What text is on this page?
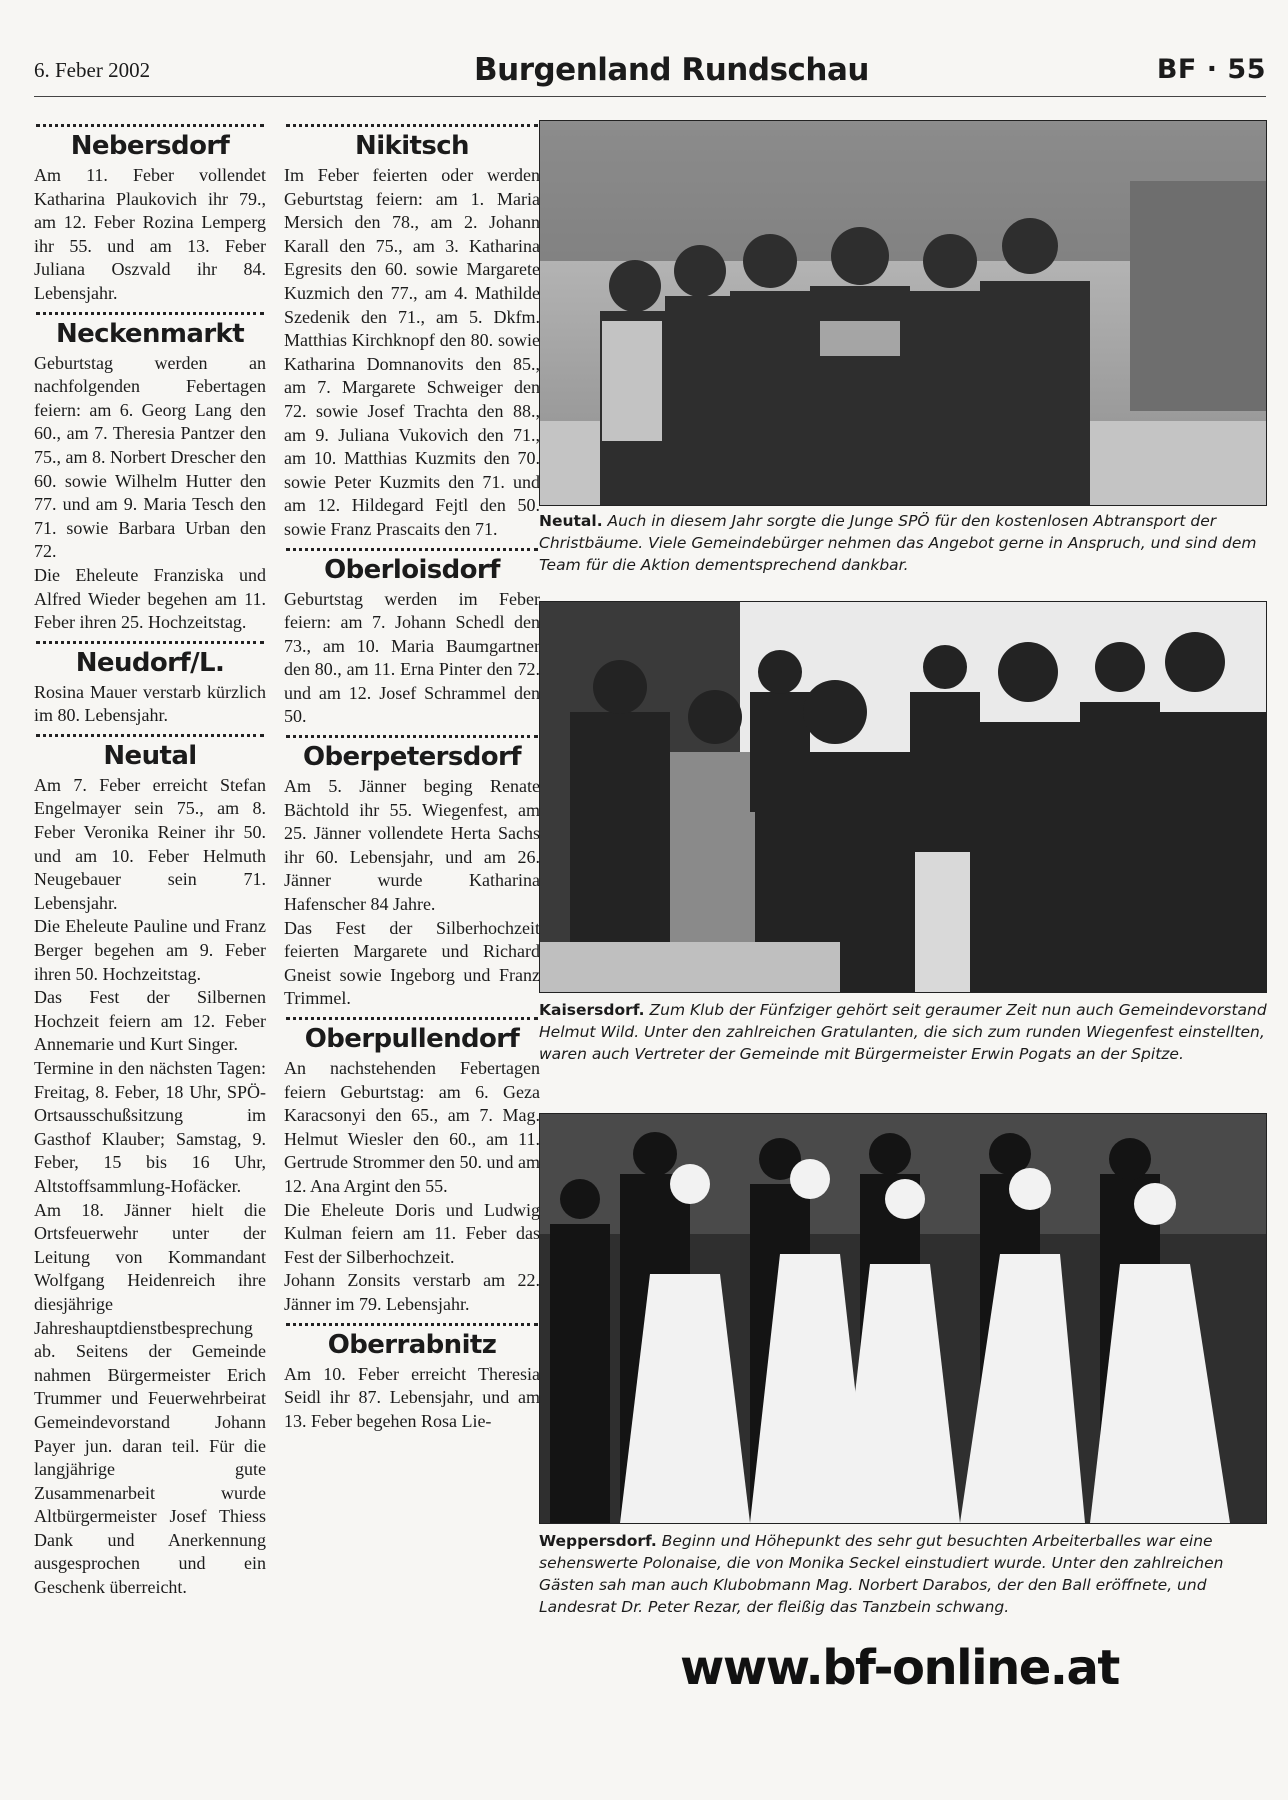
6. Feber 2002	Burgenland Rundschau	BF · 55
Nebersdorf
Am 11. Feber vollendet Katharina Plaukovich ihr 79., am 12. Feber Rozina Lemperg ihr 55. und am 13. Feber Juliana Oszvald ihr 84. Lebensjahr.
Neckenmarkt
Geburtstag werden an nachfolgenden Febertagen feiern: am 6. Georg Lang den 60., am 7. Theresia Pantzer den 75., am 8. Norbert Drescher den 60. sowie Wilhelm Hutter den 77. und am 9. Maria Tesch den 71. sowie Barbara Urban den 72.
Die Eheleute Franziska und Alfred Wieder begehen am 11. Feber ihren 25. Hochzeitstag.
Neudorf/L.
Rosina Mauer verstarb kürzlich im 80. Lebensjahr.
Neutal
Am 7. Feber erreicht Stefan Engelmayer sein 75., am 8. Feber Veronika Reiner ihr 50. und am 10. Feber Helmuth Neugebauer sein 71. Lebensjahr.
Die Eheleute Pauline und Franz Berger begehen am 9. Feber ihren 50. Hochzeitstag.
Das Fest der Silbernen Hochzeit feiern am 12. Feber Annemarie und Kurt Singer.
Termine in den nächsten Tagen: Freitag, 8. Feber, 18 Uhr, SPÖ-Ortsausschußsitzung im Gasthof Klauber; Samstag, 9. Feber, 15 bis 16 Uhr, Altstoffsammlung-Hofäcker.
Am 18. Jänner hielt die Ortsfeuerwehr unter der Leitung von Kommandant Wolfgang Heidenreich ihre diesjährige Jahreshauptdienstbesprechung ab. Seitens der Gemeinde nahmen Bürgermeister Erich Trummer und Feuerwehrbeirat Gemeindevorstand Johann Payer jun. daran teil. Für die langjährige gute Zusammenarbeit wurde Altbürgermeister Josef Thiess Dank und Anerkennung ausgesprochen und ein Geschenk überreicht.
Nikitsch
Im Feber feierten oder werden Geburtstag feiern: am 1. Maria Mersich den 78., am 2. Johann Karall den 75., am 3. Katharina Egresits den 60. sowie Margarete Kuzmich den 77., am 4. Mathilde Szedenik den 71., am 5. Dkfm. Matthias Kirchknopf den 80. sowie Katharina Domnanovits den 85., am 7. Margarete Schweiger den 72. sowie Josef Trachta den 88., am 9. Juliana Vukovich den 71., am 10. Matthias Kuzmits den 70. sowie Peter Kuzmits den 71. und am 12. Hildegard Fejtl den 50. sowie Franz Prascaits den 71.
Oberloisdorf
Geburtstag werden im Feber feiern: am 7. Johann Schedl den 73., am 10. Maria Baumgartner den 80., am 11. Erna Pinter den 72. und am 12. Josef Schrammel den 50.
Oberpetersdorf
Am 5. Jänner beging Renate Bächtold ihr 55. Wiegenfest, am 25. Jänner vollendete Herta Sachs ihr 60. Lebensjahr, und am 26. Jänner wurde Katharina Hafenscher 84 Jahre.
Das Fest der Silberhochzeit feierten Margarete und Richard Gneist sowie Ingeborg und Franz Trimmel.
Oberpullendorf
An nachstehenden Febertagen feiern Geburtstag: am 6. Geza Karacsonyi den 65., am 7. Mag. Helmut Wiesler den 60., am 11. Gertrude Strommer den 50. und am 12. Ana Argint den 55.
Die Eheleute Doris und Ludwig Kulman feiern am 11. Feber das Fest der Silberhochzeit.
Johann Zonsits verstarb am 22. Jänner im 79. Lebensjahr.
Oberrabnitz
Am 10. Feber erreicht Theresia Seidl ihr 87. Lebensjahr, und am 13. Feber begehen Rosa Lie-
Neutal. Auch in diesem Jahr sorgte die Junge SPÖ für den kostenlosen Abtransport der Christbäume. Viele Gemeindebürger nehmen das Angebot gerne in Anspruch, und sind dem Team für die Aktion dementsprechend dankbar.
Kaisersdorf. Zum Klub der Fünfziger gehört seit geraumer Zeit nun auch Gemeindevorstand Helmut Wild. Unter den zahlreichen Gratulanten, die sich zum runden Wiegenfest einstellten, waren auch Vertreter der Gemeinde mit Bürgermeister Erwin Pogats an der Spitze.
Weppersdorf. Beginn und Höhepunkt des sehr gut besuchten Arbeiterballes war eine sehenswerte Polonaise, die von Monika Seckel einstudiert wurde. Unter den zahlreichen Gästen sah man auch Klubobmann Mag. Norbert Darabos, der den Ball eröffnete, und Landesrat Dr. Peter Rezar, der fleißig das Tanzbein schwang.
www.bf-online.at
